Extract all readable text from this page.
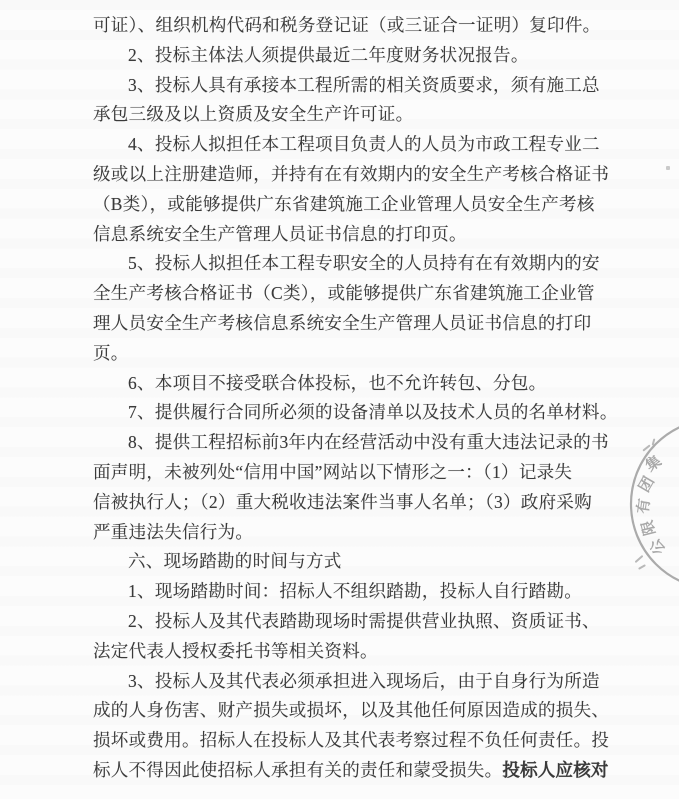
可证）、组织机构代码和税务登记证（或三证合一证明）复印件。
2、投标主体法人须提供最近二年度财务状况报告。
3、投标人具有承接本工程所需的相关资质要求，须有施工总
承包三级及以上资质及安全生产许可证。
4、投标人拟担任本工程项目负责人的人员为市政工程专业二
级或以上注册建造师，并持有在有效期内的安全生产考核合格证书
（B类），或能够提供广东省建筑施工企业管理人员安全生产考核
信息系统安全生产管理人员证书信息的打印页。
5、投标人拟担任本工程专职安全的人员持有在有效期内的安
全生产考核合格证书（C类），或能够提供广东省建筑施工企业管
理人员安全生产考核信息系统安全生产管理人员证书信息的打印
页。
6、本项目不接受联合体投标，也不允许转包、分包。
7、提供履行合同所必须的设备清单以及技术人员的名单材料。
8、提供工程招标前3年内在经营活动中没有重大违法记录的书
面声明，未被列处“信用中国”网站以下情形之一：（1）记录失
信被执行人；（2）重大税收违法案件当事人名单；（3）政府采购
严重违法失信行为。
六、现场踏勘的时间与方式
1、现场踏勘时间：招标人不组织踏勘，投标人自行踏勘。
2、投标人及其代表踏勘现场时需提供营业执照、资质证书、
法定代表人授权委托书等相关资料。
3、投标人及其代表必须承担进入现场后，由于自身行为所造
成的人身伤害、财产损失或损坏，以及其他任何原因造成的损失、
损坏或费用。招标人在投标人及其代表考察过程不负任何责任。投
标人不得因此使招标人承担有关的责任和蒙受损失。投标人应核对
集
团
有
限
公
